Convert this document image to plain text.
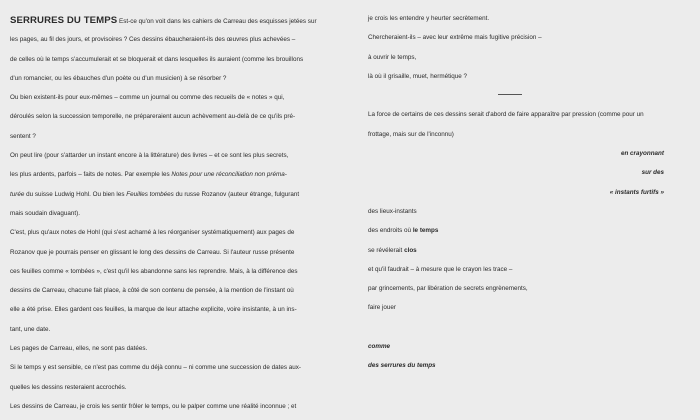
SERRURES DU TEMPS Est-ce qu'on voit dans les cahiers de Carreau des esquisses jetées sur
les pages, au fil des jours, et provisoires ? Ces dessins ébaucheraient-ils des œuvres plus achevées –
de celles où le temps s'accumulerait et se bloquerait et dans lesquelles ils auraient (comme les brouillons
d'un romancier, ou les ébauches d'un poète ou d'un musicien) à se résorber ?
Ou bien existent-ils pour eux-mêmes – comme un journal ou comme des recueils de « notes » qui,
déroulés selon la succession temporelle, ne prépareraient aucun achèvement au-delà de ce qu'ils pré-
sentent ?
On peut lire (pour s'attarder un instant encore à la littérature) des livres – et ce sont les plus secrets,
les plus ardents, parfois – faits de notes. Par exemple les Notes pour une réconciliation non préma-
turée du suisse Ludwig Hohl. Ou bien les Feuilles tombées du russe Rozanov (auteur étrange, fulgurant
mais soudain divaguant).
C'est, plus qu'aux notes de Hohl (qui s'est acharné à les réorganiser systématiquement) aux pages de
Rozanov que je pourrais penser en glissant le long des dessins de Carreau. Si l'auteur russe présente
ces feuilles comme « tombées », c'est qu'il les abandonne sans les reprendre. Mais, à la différence des
dessins de Carreau, chacune fait place, à côté de son contenu de pensée, à la mention de l'instant où
elle a été prise. Elles gardent ces feuilles, la marque de leur attache explicite, voire insistante, à un ins-
tant, une date.
Les pages de Carreau, elles, ne sont pas datées.
Si le temps y est sensible, ce n'est pas comme du déjà connu – ni comme une succession de dates aux-
quelles les dessins resteraient accrochés.
Les dessins de Carreau, je crois les sentir frôler le temps, ou le palper comme une réalité inconnue ; et
je crois les entendre y heurter secrètement.
Chercheraient-ils – avec leur extrême mais fugitive précision –
à ouvrir le temps,
là où il grisaille, muet, hermétique ?
La force de certains de ces dessins serait d'abord de faire apparaître par pression (comme pour un
frottage, mais sur de l'inconnu)
en crayonnant
sur des
« instants furtifs »
des lieux-instants
des endroits où le temps
se révélerait clos
et qu'il faudrait – à mesure que le crayon les trace –
par grincements, par libération de secrets engrènements,
faire jouer
comme
des serrures du temps
